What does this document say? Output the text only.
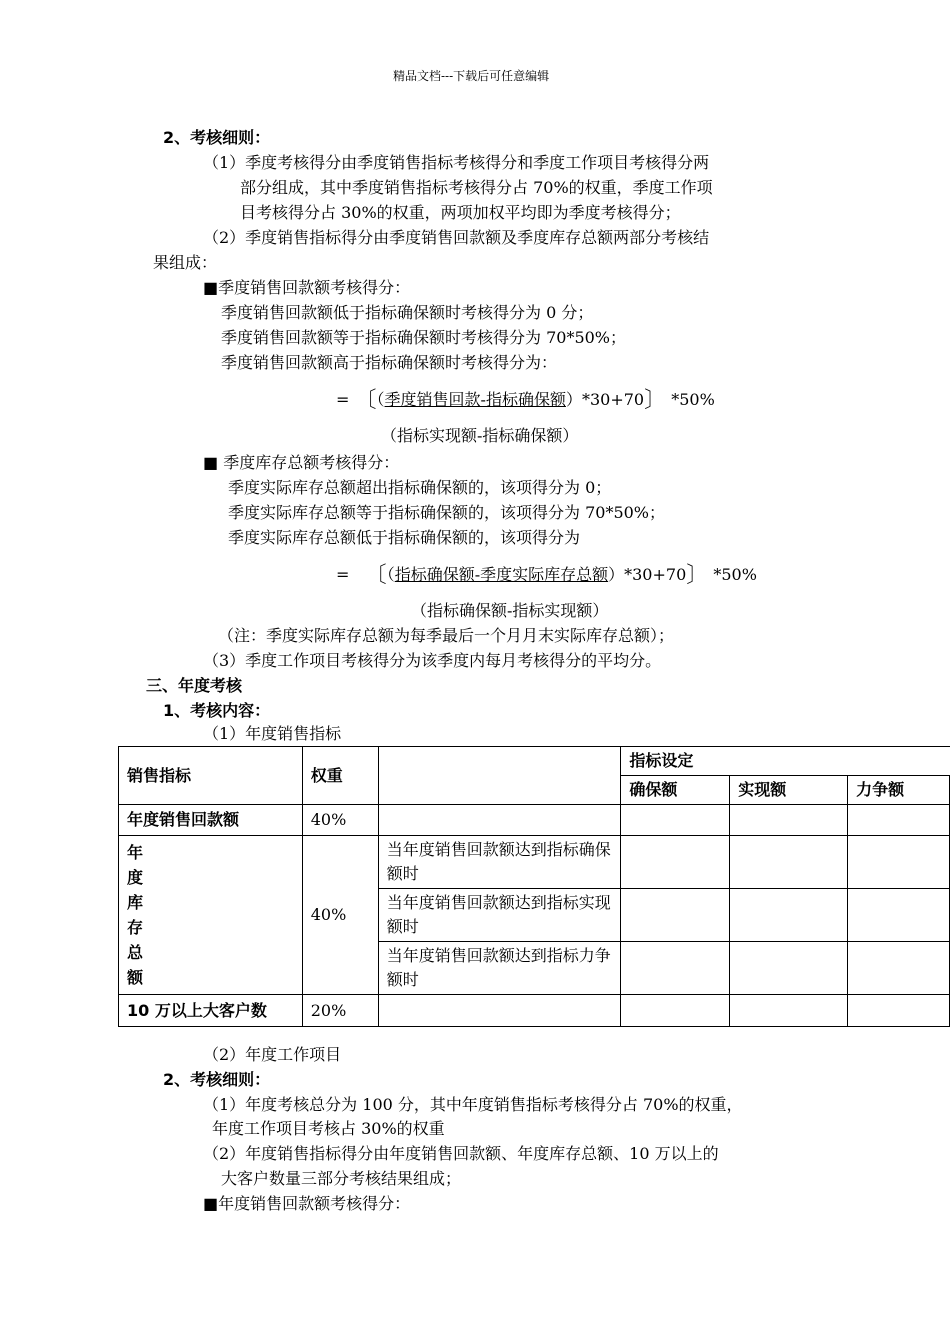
精品文档---下载后可任意编辑
2、考核细则：
（1）季度考核得分由季度销售指标考核得分和季度工作项目考核得分两
部分组成，其中季度销售指标考核得分占 70%的权重，季度工作项
目考核得分占 30%的权重，两项加权平均即为季度考核得分；
（2）季度销售指标得分由季度销售回款额及季度库存总额两部分考核结
果组成：
■季度销售回款额考核得分：
季度销售回款额低于指标确保额时考核得分为 0 分；
季度销售回款额等于指标确保额时考核得分为 70*50%；
季度销售回款额高于指标确保额时考核得分为：
= 〔（季度销售回款-指标确保额）*30+70〕 *50%
（指标实现额-指标确保额）
■ 季度库存总额考核得分：
季度实际库存总额超出指标确保额的，该项得分为 0；
季度实际库存总额等于指标确保额的，该项得分为 70*50%；
季度实际库存总额低于指标确保额的，该项得分为
= 〔（指标确保额-季度实际库存总额）*30+70〕 *50%
（指标确保额-指标实现额）
（注：季度实际库存总额为每季最后一个月月末实际库存总额）；
（3）季度工作项目考核得分为该季度内每月考核得分的平均分。
三、年度考核
1、考核内容：
（1）年度销售指标
销售指标	权重		指标设定		
			确保额	实现额	力争额
年度销售回款额	40%				

年度库存总额	40%	当年度销售回款额达到指标确保额时			
		当年度销售回款额达到指标实现额时			
		当年度销售回款额达到指标力争额时			
10 万以上大客户数	20%				
（2）年度工作项目
2、考核细则：
（1）年度考核总分为 100 分，其中年度销售指标考核得分占 70%的权重，
年度工作项目考核占 30%的权重
（2）年度销售指标得分由年度销售回款额、年度库存总额、10 万以上的
大客户数量三部分考核结果组成；
■年度销售回款额考核得分：
